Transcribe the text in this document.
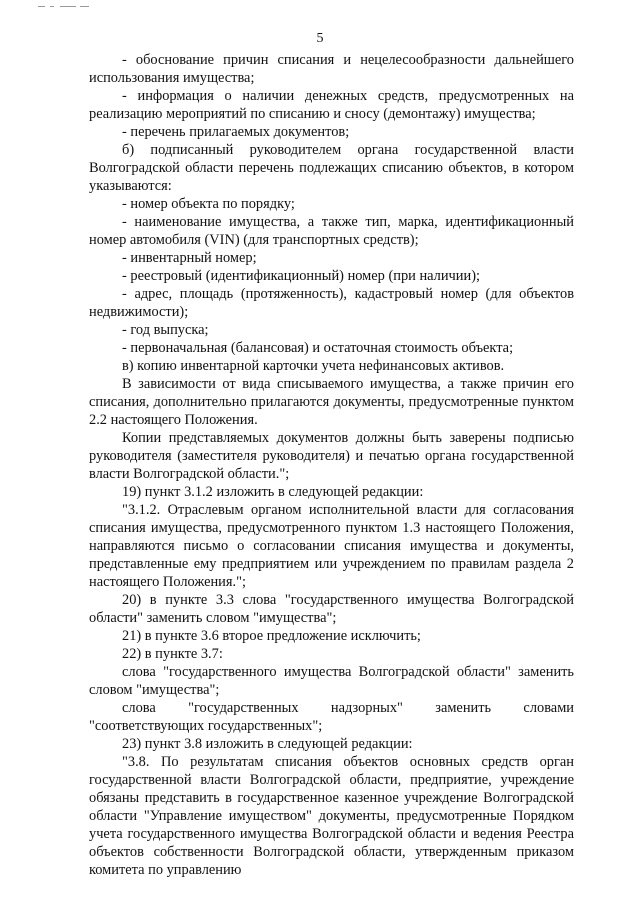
5

- обоснование причин списания и нецелесообразности дальнейшего использования имущества;

- информация о наличии денежных средств, предусмотренных на реализацию мероприятий по списанию и сносу (демонтажу) имущества;

- перечень прилагаемых документов;

б) подписанный руководителем органа государственной власти Волгоградской области перечень подлежащих списанию объектов, в котором указываются:

- номер объекта по порядку;

- наименование имущества, а также тип, марка, идентификационный номер автомобиля (VIN) (для транспортных средств);

- инвентарный номер;

- реестровый (идентификационный) номер (при наличии);

- адрес, площадь (протяженность), кадастровый номер (для объектов недвижимости);

- год выпуска;

- первоначальная (балансовая) и остаточная стоимость объекта;

в) копию инвентарной карточки учета нефинансовых активов.

В зависимости от вида списываемого имущества, а также причин его списания, дополнительно прилагаются документы, предусмотренные пунктом 2.2 настоящего Положения.

Копии представляемых документов должны быть заверены подписью руководителя (заместителя руководителя) и печатью органа государственной власти Волгоградской области.";

19) пункт 3.1.2 изложить в следующей редакции:

"3.1.2. Отраслевым органом исполнительной власти для согласования списания имущества, предусмотренного пунктом 1.3 настоящего Положения, направляются письмо о согласовании списания имущества и документы, представленные ему предприятием или учреждением по правилам раздела 2 настоящего Положения.";

20) в пункте 3.3 слова "государственного имущества Волгоградской области" заменить словом "имущества";

21) в пункте 3.6 второе предложение исключить;

22) в пункте 3.7:

слова "государственного имущества Волгоградской области" заменить словом "имущества";

слова "государственных надзорных" заменить словами "соответствующих государственных";

23) пункт 3.8 изложить в следующей редакции:

"3.8. По результатам списания объектов основных средств орган государственной власти Волгоградской области, предприятие, учреждение обязаны представить в государственное казенное учреждение Волгоградской области "Управление имуществом" документы, предусмотренные Порядком учета государственного имущества Волгоградской области и ведения Реестра объектов собственности Волгоградской области, утвержденным приказом комитета по управлению
